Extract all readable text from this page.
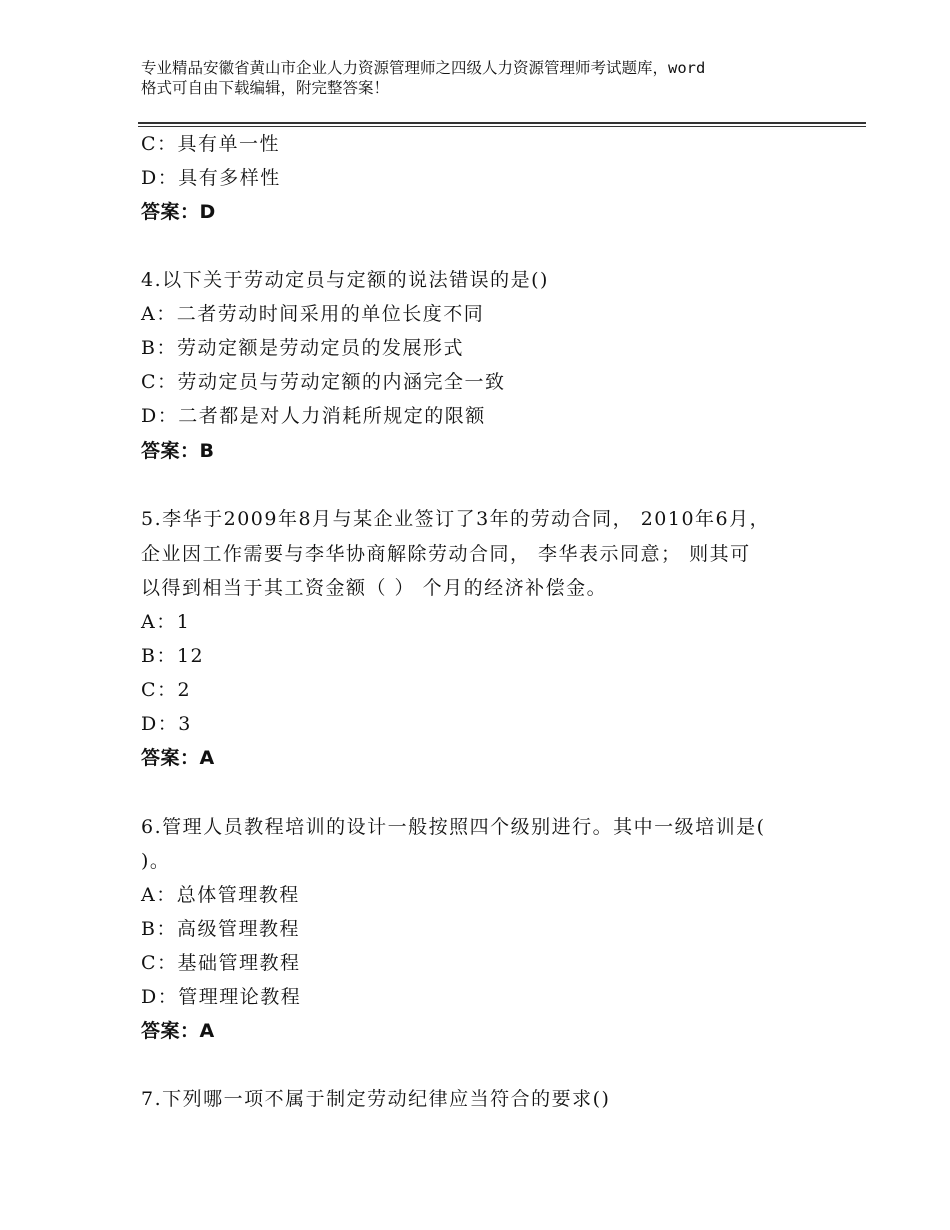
专业精品安徽省黄山市企业人力资源管理师之四级人力资源管理师考试题库，word
格式可自由下载编辑，附完整答案！
C：具有单一性
D：具有多样性
答案：D
4.以下关于劳动定员与定额的说法错误的是()
A：二者劳动时间采用的单位长度不同
B：劳动定额是劳动定员的发展形式
C：劳动定员与劳动定额的内涵完全一致
D：二者都是对人力消耗所规定的限额
答案：B
5.李华于2009年8月与某企业签订了3年的劳动合同， 2010年6月，
企业因工作需要与李华协商解除劳动合同， 李华表示同意； 则其可
以得到相当于其工资金额（ ） 个月的经济补偿金。
A：1
B：12
C：2
D：3
答案：A
6.管理人员教程培训的设计一般按照四个级别进行。其中一级培训是(
)。
A：总体管理教程
B：高级管理教程
C：基础管理教程
D：管理理论教程
答案：A
7.下列哪一项不属于制定劳动纪律应当符合的要求()
